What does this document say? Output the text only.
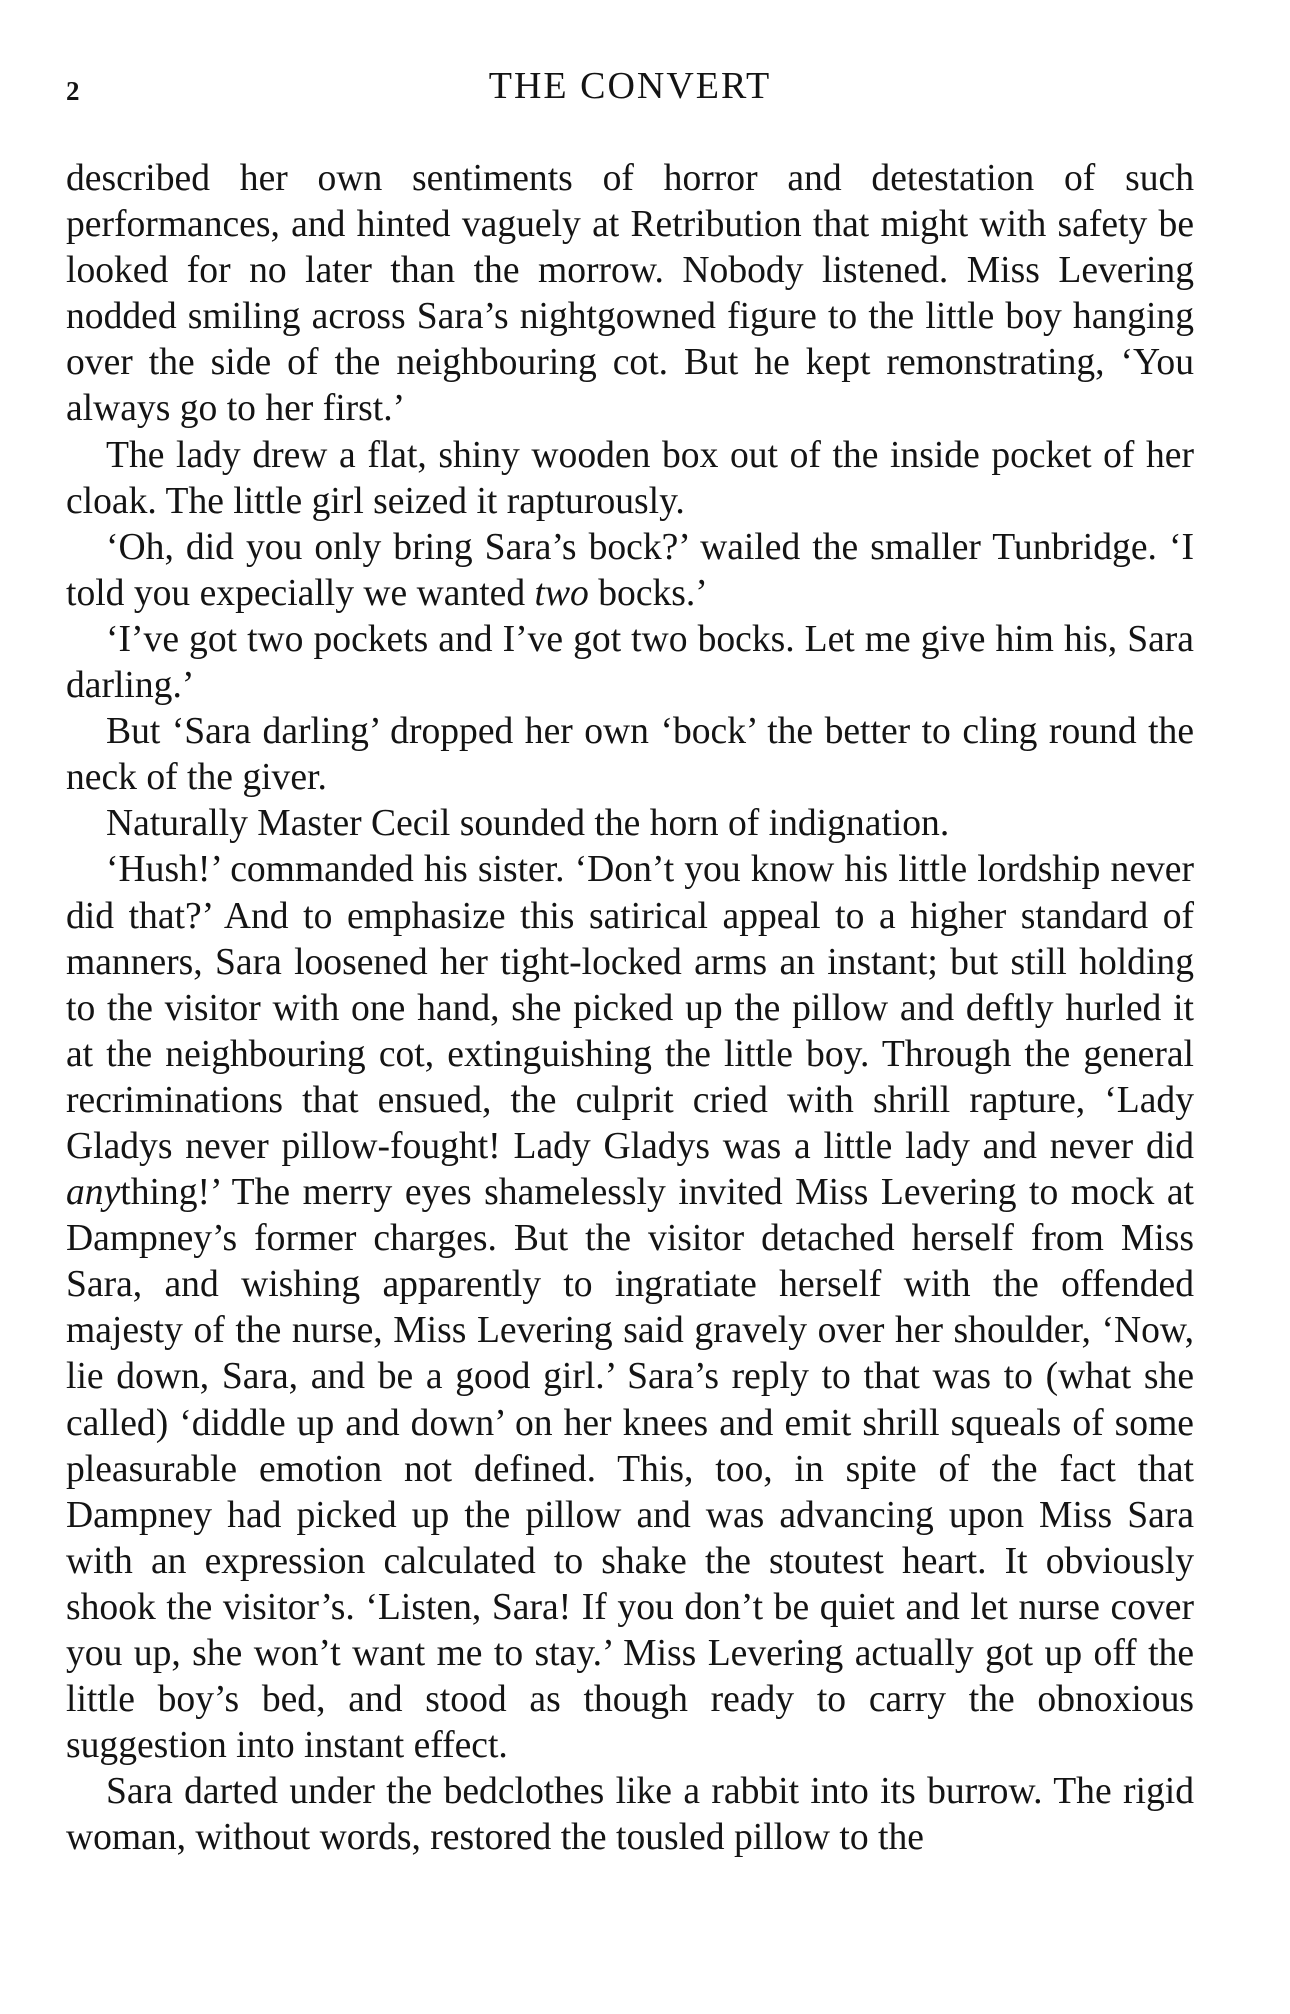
2	THE CONVERT

described her own sentiments of horror and detestation of such performances, and hinted vaguely at Retribution that might with safety be looked for no later than the morrow. Nobody listened. Miss Levering nodded smiling across Sara’s nightgowned figure to the little boy hanging over the side of the neighbouring cot. But he kept remonstrating, ‘You always go to her first.’

The lady drew a flat, shiny wooden box out of the inside pocket of her cloak. The little girl seized it rapturously.

‘Oh, did you only bring Sara’s bock?’ wailed the smaller Tunbridge. ‘I told you expecially we wanted two bocks.’

‘I’ve got two pockets and I’ve got two bocks. Let me give him his, Sara darling.’

But ‘Sara darling’ dropped her own ‘bock’ the better to cling round the neck of the giver.

Naturally Master Cecil sounded the horn of indignation.

‘Hush!’ commanded his sister. ‘Don’t you know his little lordship never did that?’ And to emphasize this satirical appeal to a higher standard of manners, Sara loosened her tight-locked arms an instant; but still holding to the visitor with one hand, she picked up the pillow and deftly hurled it at the neighbouring cot, extinguishing the little boy. Through the general recriminations that ensued, the culprit cried with shrill rapture, ‘Lady Gladys never pillow-fought! Lady Gladys was a little lady and never did anything!’ The merry eyes shamelessly invited Miss Levering to mock at Dampney’s former charges. But the visitor detached herself from Miss Sara, and wishing apparently to ingratiate herself with the offended majesty of the nurse, Miss Levering said gravely over her shoulder, ‘Now, lie down, Sara, and be a good girl.’ Sara’s reply to that was to (what she called) ‘diddle up and down’ on her knees and emit shrill squeals of some pleasurable emotion not defined. This, too, in spite of the fact that Dampney had picked up the pillow and was advancing upon Miss Sara with an expression calculated to shake the stoutest heart. It obviously shook the visitor’s. ‘Listen, Sara! If you don’t be quiet and let nurse cover you up, she won’t want me to stay.’ Miss Levering actually got up off the little boy’s bed, and stood as though ready to carry the obnoxious suggestion into instant effect.

Sara darted under the bedclothes like a rabbit into its burrow. The rigid woman, without words, restored the tousled pillow to the
